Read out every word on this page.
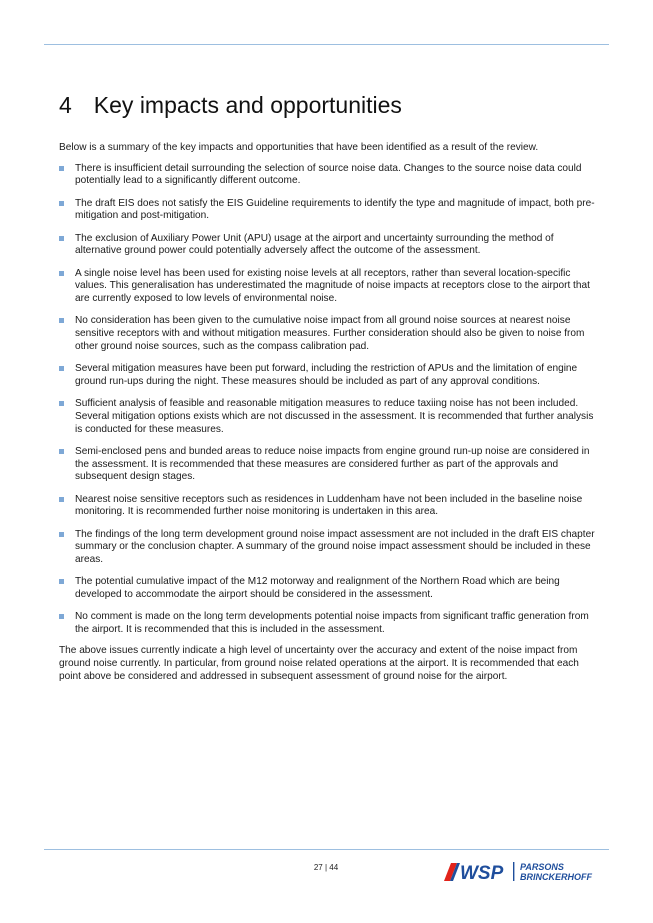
4 Key impacts and opportunities

Below is a summary of the key impacts and opportunities that have been identified as a result of the review.

There is insufficient detail surrounding the selection of source noise data. Changes to the source noise data could potentially lead to a significantly different outcome.
The draft EIS does not satisfy the EIS Guideline requirements to identify the type and magnitude of impact, both pre-mitigation and post-mitigation.
The exclusion of Auxiliary Power Unit (APU) usage at the airport and uncertainty surrounding the method of alternative ground power could potentially adversely affect the outcome of the assessment.
A single noise level has been used for existing noise levels at all receptors, rather than several location-specific values. This generalisation has underestimated the magnitude of noise impacts at receptors close to the airport that are currently exposed to low levels of environmental noise.
No consideration has been given to the cumulative noise impact from all ground noise sources at nearest noise sensitive receptors with and without mitigation measures. Further consideration should also be given to noise from other ground noise sources, such as the compass calibration pad.
Several mitigation measures have been put forward, including the restriction of APUs and the limitation of engine ground run-ups during the night. These measures should be included as part of any approval conditions.
Sufficient analysis of feasible and reasonable mitigation measures to reduce taxiing noise has not been included. Several mitigation options exists which are not discussed in the assessment. It is recommended that further analysis is conducted for these measures.
Semi-enclosed pens and bunded areas to reduce noise impacts from engine ground run-up noise are considered in the assessment. It is recommended that these measures are considered further as part of the approvals and subsequent design stages.
Nearest noise sensitive receptors such as residences in Luddenham have not been included in the baseline noise monitoring. It is recommended further noise monitoring is undertaken in this area.
The findings of the long term development ground noise impact assessment are not included in the draft EIS chapter summary or the conclusion chapter. A summary of the ground noise impact assessment should be included in these areas.
The potential cumulative impact of the M12 motorway and realignment of the Northern Road which are being developed to accommodate the airport should be considered in the assessment.
No comment is made on the long term developments potential noise impacts from significant traffic generation from the airport. It is recommended that this is included in the assessment.

The above issues currently indicate a high level of uncertainty over the accuracy and extent of the noise impact from ground noise currently. In particular, from ground noise related operations at the airport. It is recommended that each point above be considered and addressed in subsequent assessment of ground noise for the airport.

27 | 44	WSP PARSONS
BRINCKERHOFF
